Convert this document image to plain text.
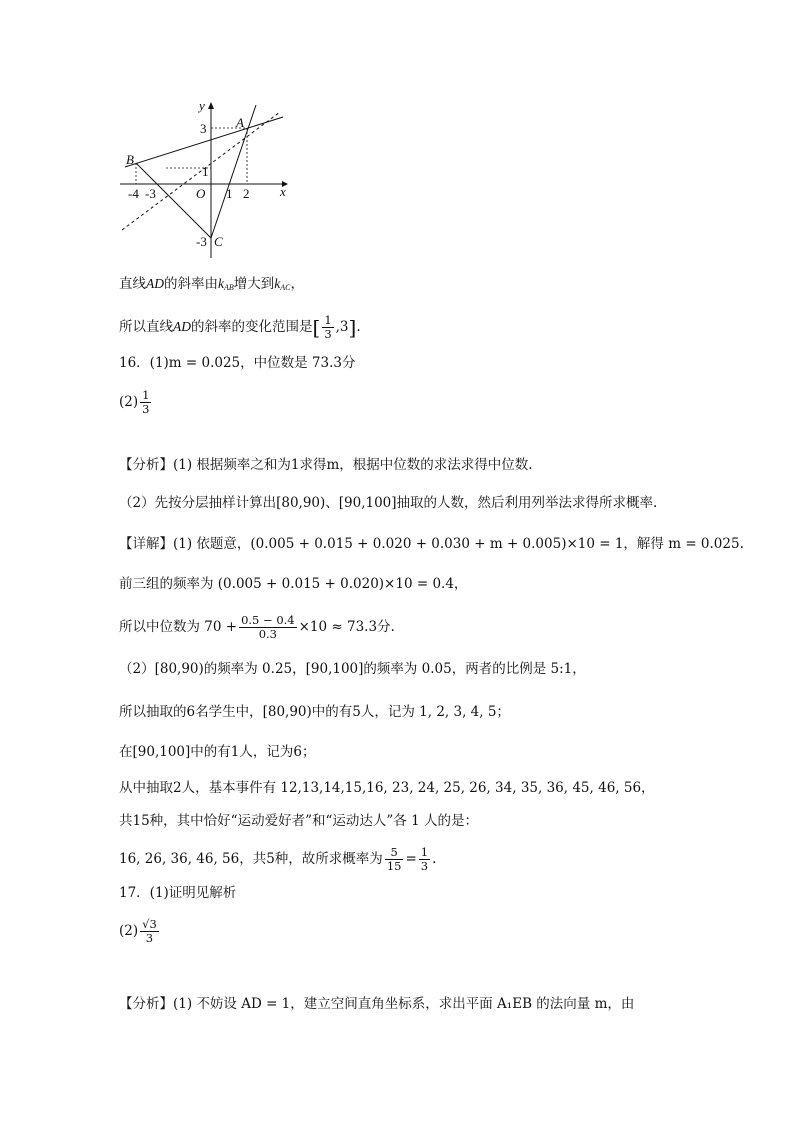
y
x
A
B
C
O
3
1
-3
-4 -3	1 2
直线AD的斜率由$k_{AB}$增大到$k_{AC}$，
所以直线AD的斜率的变化范围是[ $\frac{1}{3} ,3$].
16．(1)m = 0.025，中位数是 73.3分
$(2) \frac{1}{3}$
【分析】(1) 根据频率之和为1求得m，根据中位数的求法求得中位数.
（2）先按分层抽样计算出[80,90)、[90,100]抽取的人数，然后利用列举法求得所求概率.
【详解】(1) 依题意，(0.005 + 0.015 + 0.020 + 0.030 + m + 0.005)×10 = 1，解得 m = 0.025.
前三组的频率为 (0.005 + 0.015 + 0.020)×10 = 0.4，
所以中位数为 $70 + \frac{0.5 - 0.4}{0.3} \times 10 \approx 73.3$分.
（2）[80,90)的频率为 0.25，[90,100]的频率为 0.05，两者的比例是 5:1，
所以抽取的6名学生中，[80,90)中的有5人，记为 1, 2, 3, 4, 5；
在[90,100]中的有1人，记为6；
从中抽取2人，基本事件有 12,13,14,15,16, 23, 24, 25, 26, 34, 35, 36, 45, 46, 56，
共15种，其中恰好“运动爱好者”和“运动达人”各 1 人的是：
16, 26, 36, 46, 56，共5种，故所求概率为 $\frac{5}{15} = \frac{1}{3}$ .
17．(1)证明见解析
$(2) \frac{√3}{3}$
【分析】(1) 不妨设 AD = 1，建立空间直角坐标系，求出平面 A₁EB 的法向量 m，由
